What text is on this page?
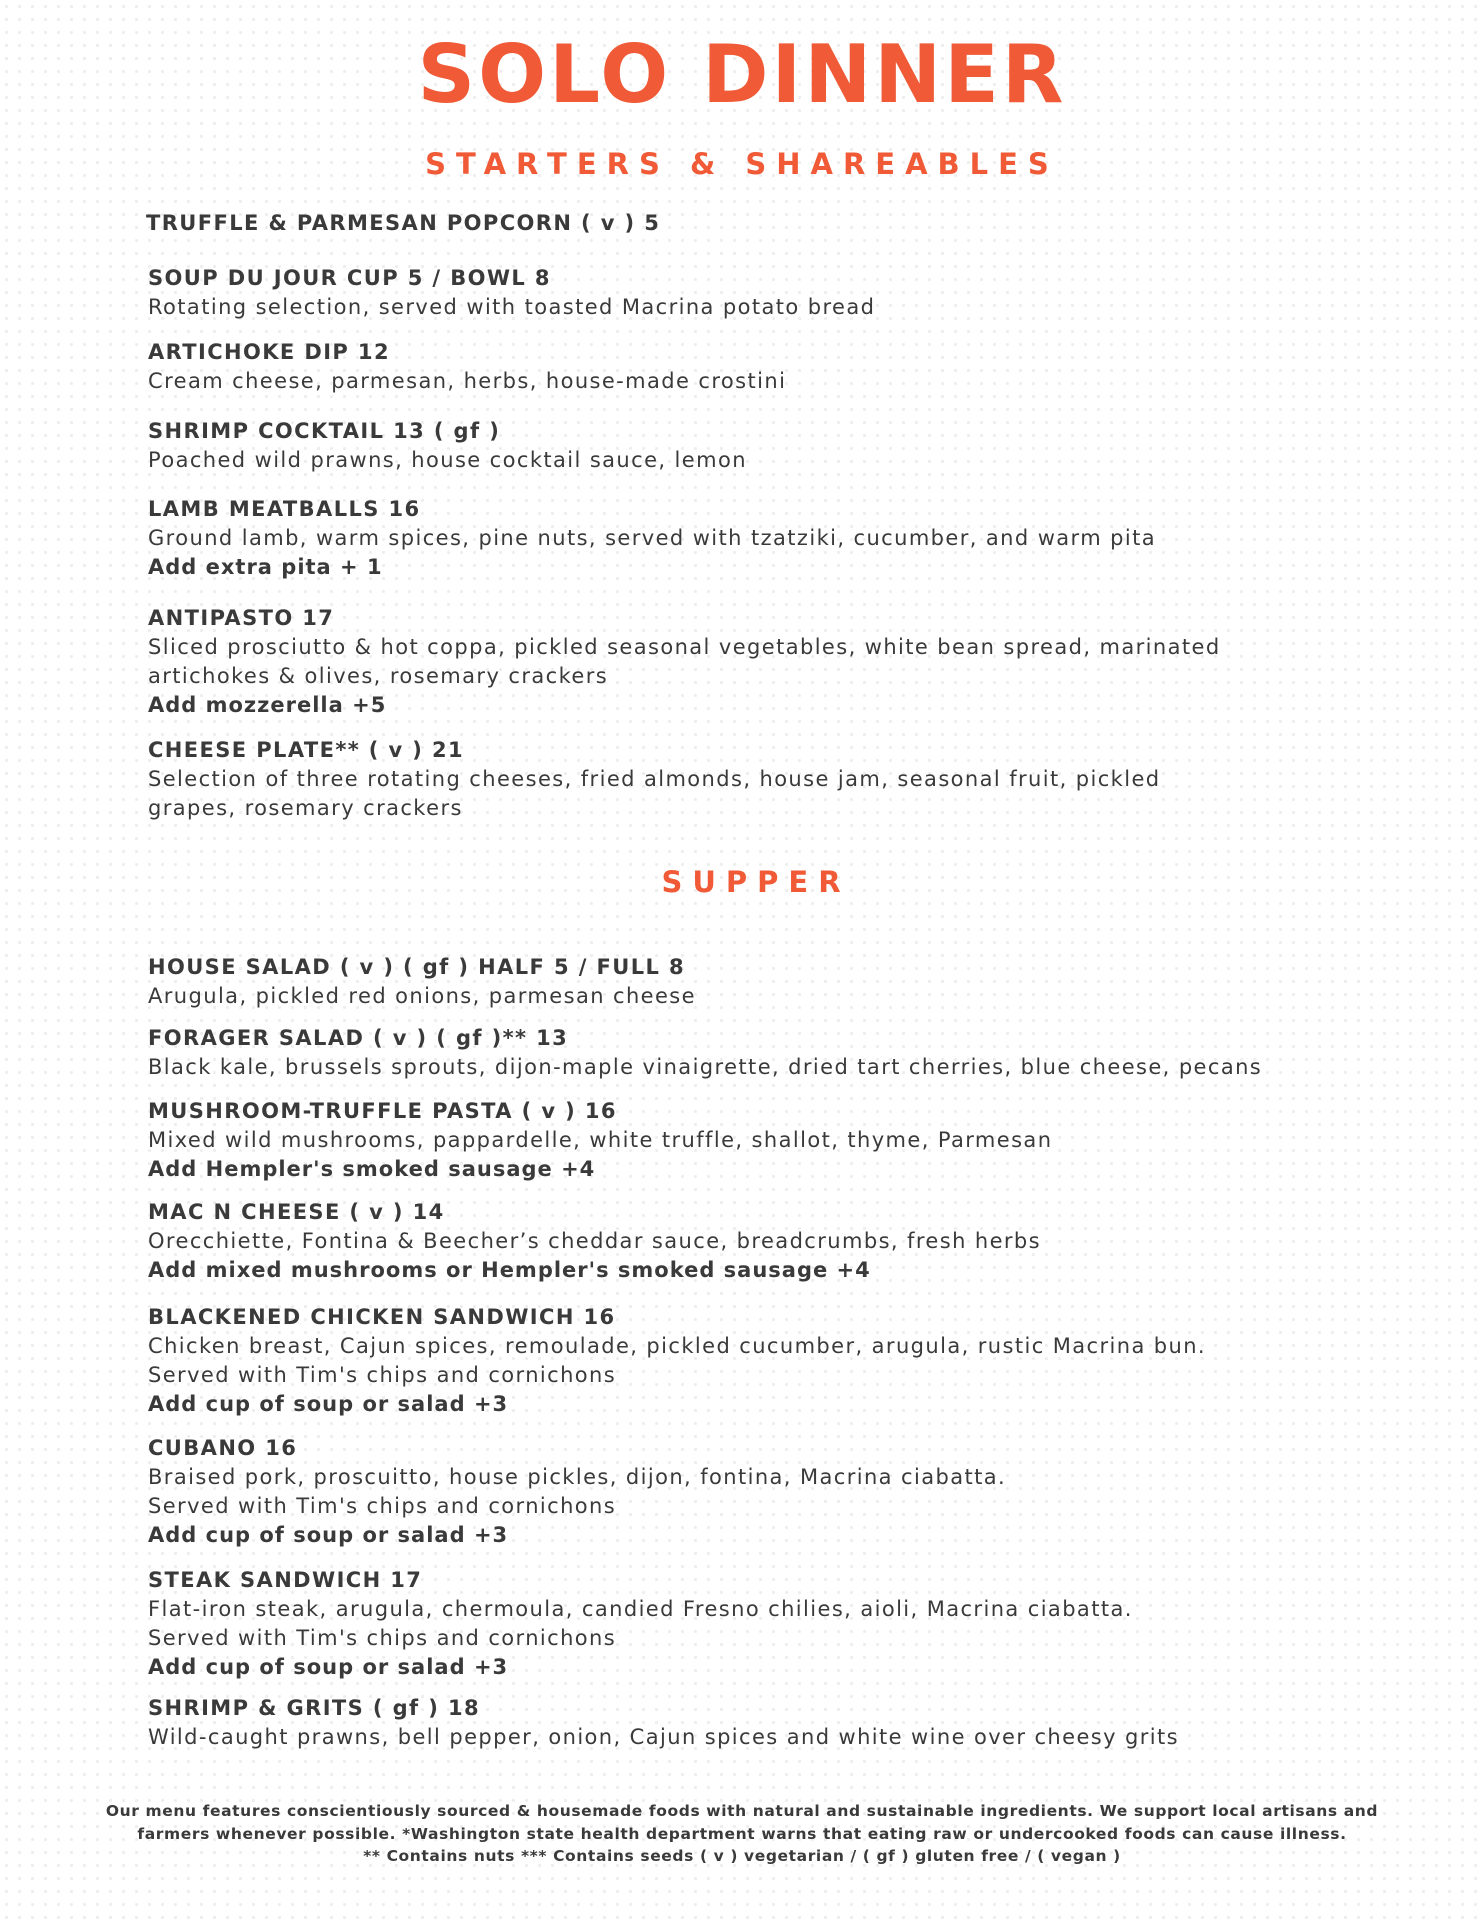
SOLO DINNER
STARTERS & SHAREABLES
TRUFFLE & PARMESAN POPCORN ( v ) 5
SOUP DU JOUR CUP 5 / BOWL 8
Rotating selection, served with toasted Macrina potato bread
ARTICHOKE DIP 12
Cream cheese, parmesan, herbs, house-made crostini
SHRIMP COCKTAIL 13 ( gf )
Poached wild prawns, house cocktail sauce, lemon
LAMB MEATBALLS 16
Ground lamb, warm spices, pine nuts, served with tzatziki, cucumber, and warm pita
Add extra pita + 1
ANTIPASTO 17
Sliced prosciutto & hot coppa, pickled seasonal vegetables, white bean spread, marinated
artichokes & olives, rosemary crackers
Add mozzerella +5
CHEESE PLATE** ( v ) 21
Selection of three rotating cheeses, fried almonds, house jam, seasonal fruit, pickled
grapes, rosemary crackers
SUPPER
HOUSE SALAD ( v ) ( gf ) HALF 5 / FULL 8
Arugula, pickled red onions, parmesan cheese
FORAGER SALAD ( v ) ( gf )** 13
Black kale, brussels sprouts, dijon-maple vinaigrette, dried tart cherries, blue cheese, pecans
MUSHROOM-TRUFFLE PASTA ( v ) 16
Mixed wild mushrooms, pappardelle, white truffle, shallot, thyme, Parmesan
Add Hempler's smoked sausage +4
MAC N CHEESE ( v ) 14
Orecchiette, Fontina & Beecher’s cheddar sauce, breadcrumbs, fresh herbs
Add mixed mushrooms or Hempler's smoked sausage +4
BLACKENED CHICKEN SANDWICH 16
Chicken breast, Cajun spices, remoulade, pickled cucumber, arugula, rustic Macrina bun.
Served with Tim's chips and cornichons
Add cup of soup or salad +3
CUBANO 16
Braised pork, proscuitto, house pickles, dijon, fontina, Macrina ciabatta.
Served with Tim's chips and cornichons
Add cup of soup or salad +3
STEAK SANDWICH 17
Flat-iron steak, arugula, chermoula, candied Fresno chilies, aioli, Macrina ciabatta.
Served with Tim's chips and cornichons
Add cup of soup or salad +3
SHRIMP & GRITS ( gf ) 18
Wild-caught prawns, bell pepper, onion, Cajun spices and white wine over cheesy grits
Our menu features conscientiously sourced & housemade foods with natural and sustainable ingredients. We support local artisans and
farmers whenever possible. *Washington state health department warns that eating raw or undercooked foods can cause illness.
** Contains nuts *** Contains seeds ( v ) vegetarian / ( gf ) gluten free / ( vegan )
